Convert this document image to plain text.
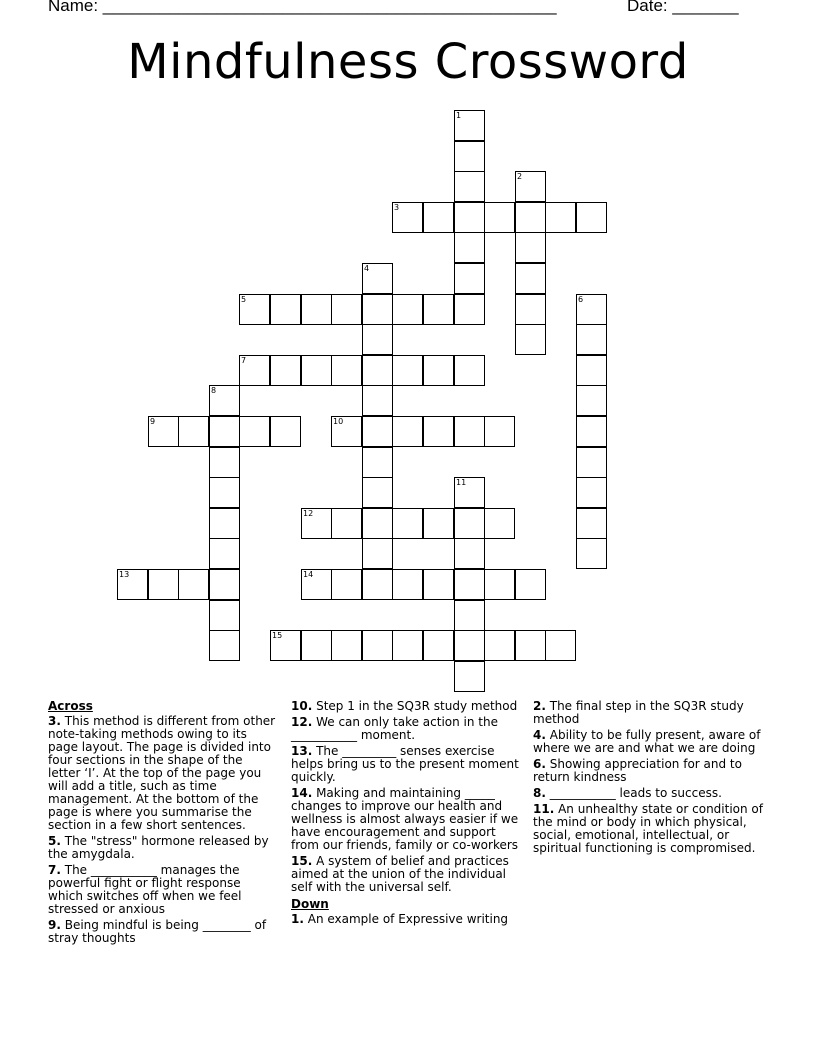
Name: ________________________________________________	Date: _______
Mindfulness Crossword
1
2
3
4
5	6
7
8
9	10
11
12
13	14
15
Across
3. This method is different from other note-taking methods owing to its page layout. The page is divided into four sections in the shape of the letter ‘I’. At the top of the page you will add a title, such as time management. At the bottom of the page is where you summarise the section in a few short sentences.
5. The "stress" hormone released by the amygdala.
7. The ___________ manages the powerful fight or flight response which switches off when we feel stressed or anxious
9. Being mindful is being ________ of stray thoughts
10. Step 1 in the SQ3R study method
12. We can only take action in the ___________ moment.
13. The _________ senses exercise helps bring us to the present moment quickly.
14. Making and maintaining _____ changes to improve our health and wellness is almost always easier if we have encouragement and support from our friends, family or co-workers
15. A system of belief and practices aimed at the union of the individual self with the universal self.
Down
1. An example of Expressive writing
2. The final step in the SQ3R study method
4. Ability to be fully present, aware of where we are and what we are doing
6. Showing appreciation for and to return kindness
8. ___________ leads to success.
11. An unhealthy state or condition of the mind or body in which physical, social, emotional, intellectual, or spiritual functioning is compromised.
